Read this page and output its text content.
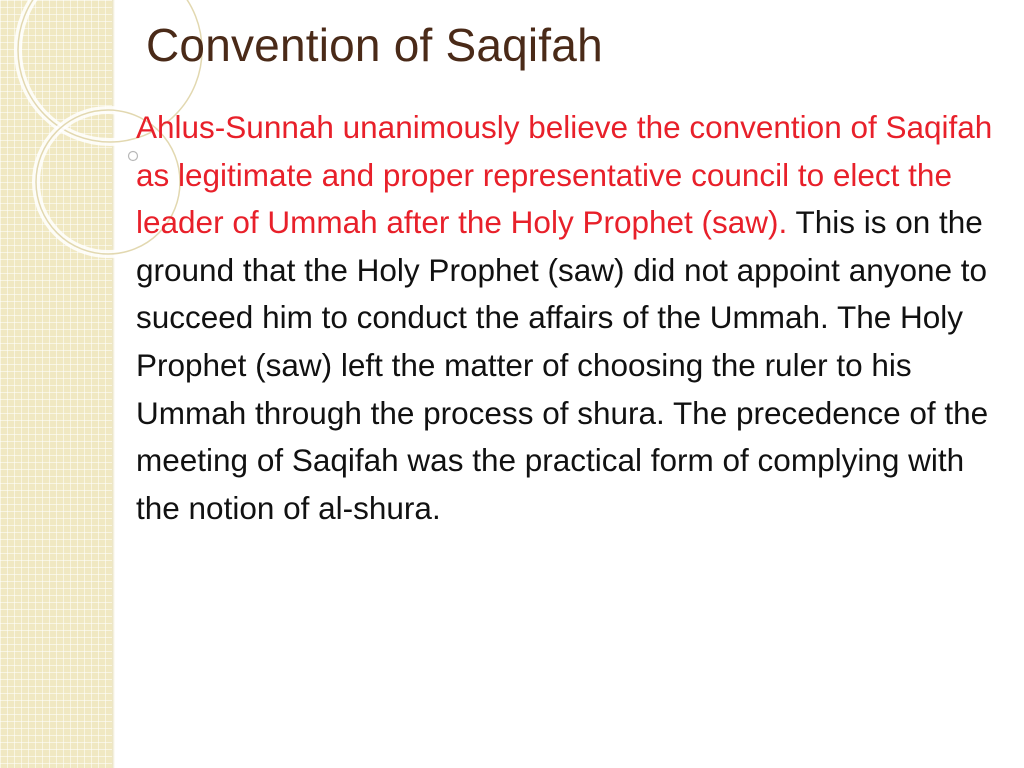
Convention of Saqifah

Ahlus-Sunnah unanimously believe the convention of Saqifah as legitimate and proper representative council to elect the leader of Ummah after the Holy Prophet (saw). This is on the ground that the Holy Prophet (saw) did not appoint anyone to succeed him to conduct the affairs of the Ummah. The Holy Prophet (saw) left the matter of choosing the ruler to his Ummah through the process of shura. The precedence of the meeting of Saqifah was the practical form of complying with the notion of al-shura.
